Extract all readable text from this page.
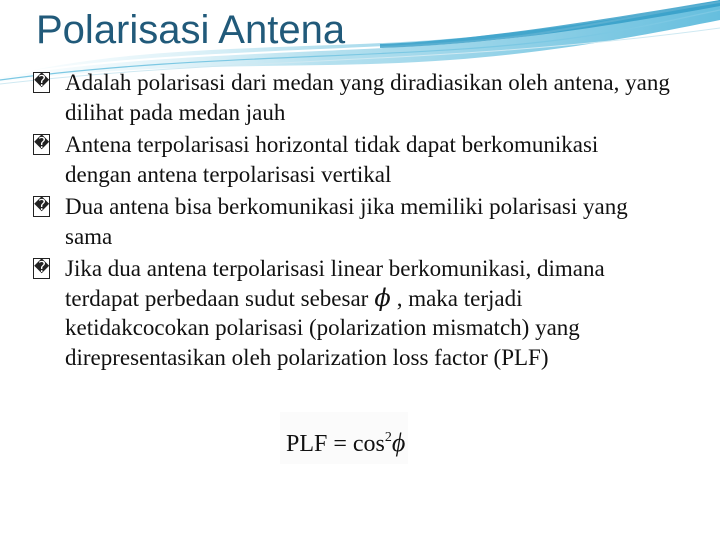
Polarisasi Antena
� Adalah polarisasi dari medan yang diradiasikan oleh antena, yang dilihat pada medan jauh
� Antena terpolarisasi horizontal tidak dapat berkomunikasi dengan antena terpolarisasi vertikal
� Dua antena bisa berkomunikasi jika memiliki polarisasi yang sama
� Jika dua antena terpolarisasi linear berkomunikasi, dimana terdapat perbedaan sudut sebesar ϕ , maka terjadi ketidakcocokan polarisasi (polarization mismatch) yang direpresentasikan oleh polarization loss factor (PLF)
PLF = $\cos^2\phi$
